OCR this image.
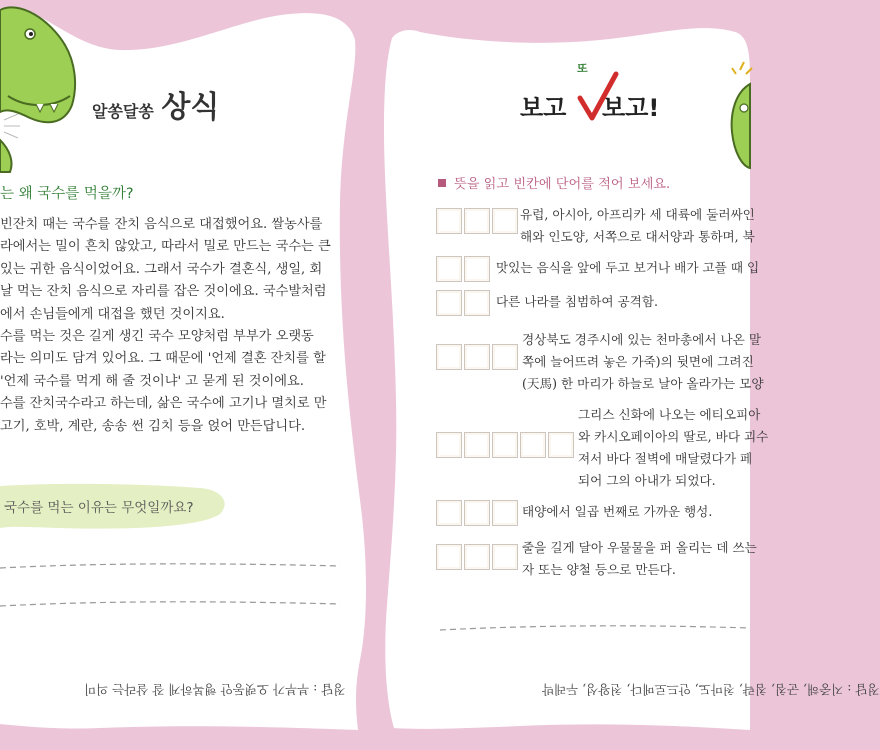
알쏭달쏭 상식
는 왜 국수를 먹을까?

빈잔치 때는 국수를 잔치 음식으로 대접했어요. 쌀농사를

라에서는 밀이 흔치 않았고, 따라서 밀로 만드는 국수는 큰

있는 귀한 음식이었어요. 그래서 국수가 결혼식, 생일, 회

날 먹는 잔치 음식으로 자리를 잡은 것이에요. 국수발처럼

에서 손님들에게 대접을 했던 것이지요.

수를 먹는 것은 길게 생긴 국수 모양처럼 부부가 오랫동

라는 의미도 담겨 있어요. 그 때문에 '언제 결혼 잔치를 할

'언제 국수를 먹게 해 줄 것이냐' 고 묻게 된 것이에요.

수를 잔치국수라고 하는데, 삶은 국수에 고기나 멸치로 만

고기, 호박, 계란, 송송 썬 김치 등을 얹어 만든답니다.

국수를 먹는 이유는 무엇일까요?
정답 : 부부가 오랫동안 행복하게 잘 살라는 의미
보고 보고!
또
뜻을 읽고 빈칸에 단어를 적어 보세요.

유럽, 아시아, 아프리카 세 대륙에 둘러싸인

해와 인도양, 서쪽으로 대서양과 통하며, 북

맛있는 음식을 앞에 두고 보거나 배가 고플 때 입

다른 나라를 침범하여 공격함.

경상북도 경주시에 있는 천마총에서 나온 말

쪽에 늘어뜨려 놓은 가죽)의 뒷면에 그려진

(天馬) 한 마리가 하늘로 날아 올라가는 모양

그리스 신화에 나오는 에티오피아

와 카시오페이아의 딸로, 바다 괴수

져서 바다 절벽에 매달렸다가 페

되어 그의 아내가 되었다.

태양에서 일곱 번째로 가까운 행성.

줄을 길게 달아 우물물을 퍼 올리는 데 쓰는

자 또는 양철 등으로 만든다.

정답 : 지중해, 군침, 침략, 천마도, 안드로메다, 천왕성, 두레박
